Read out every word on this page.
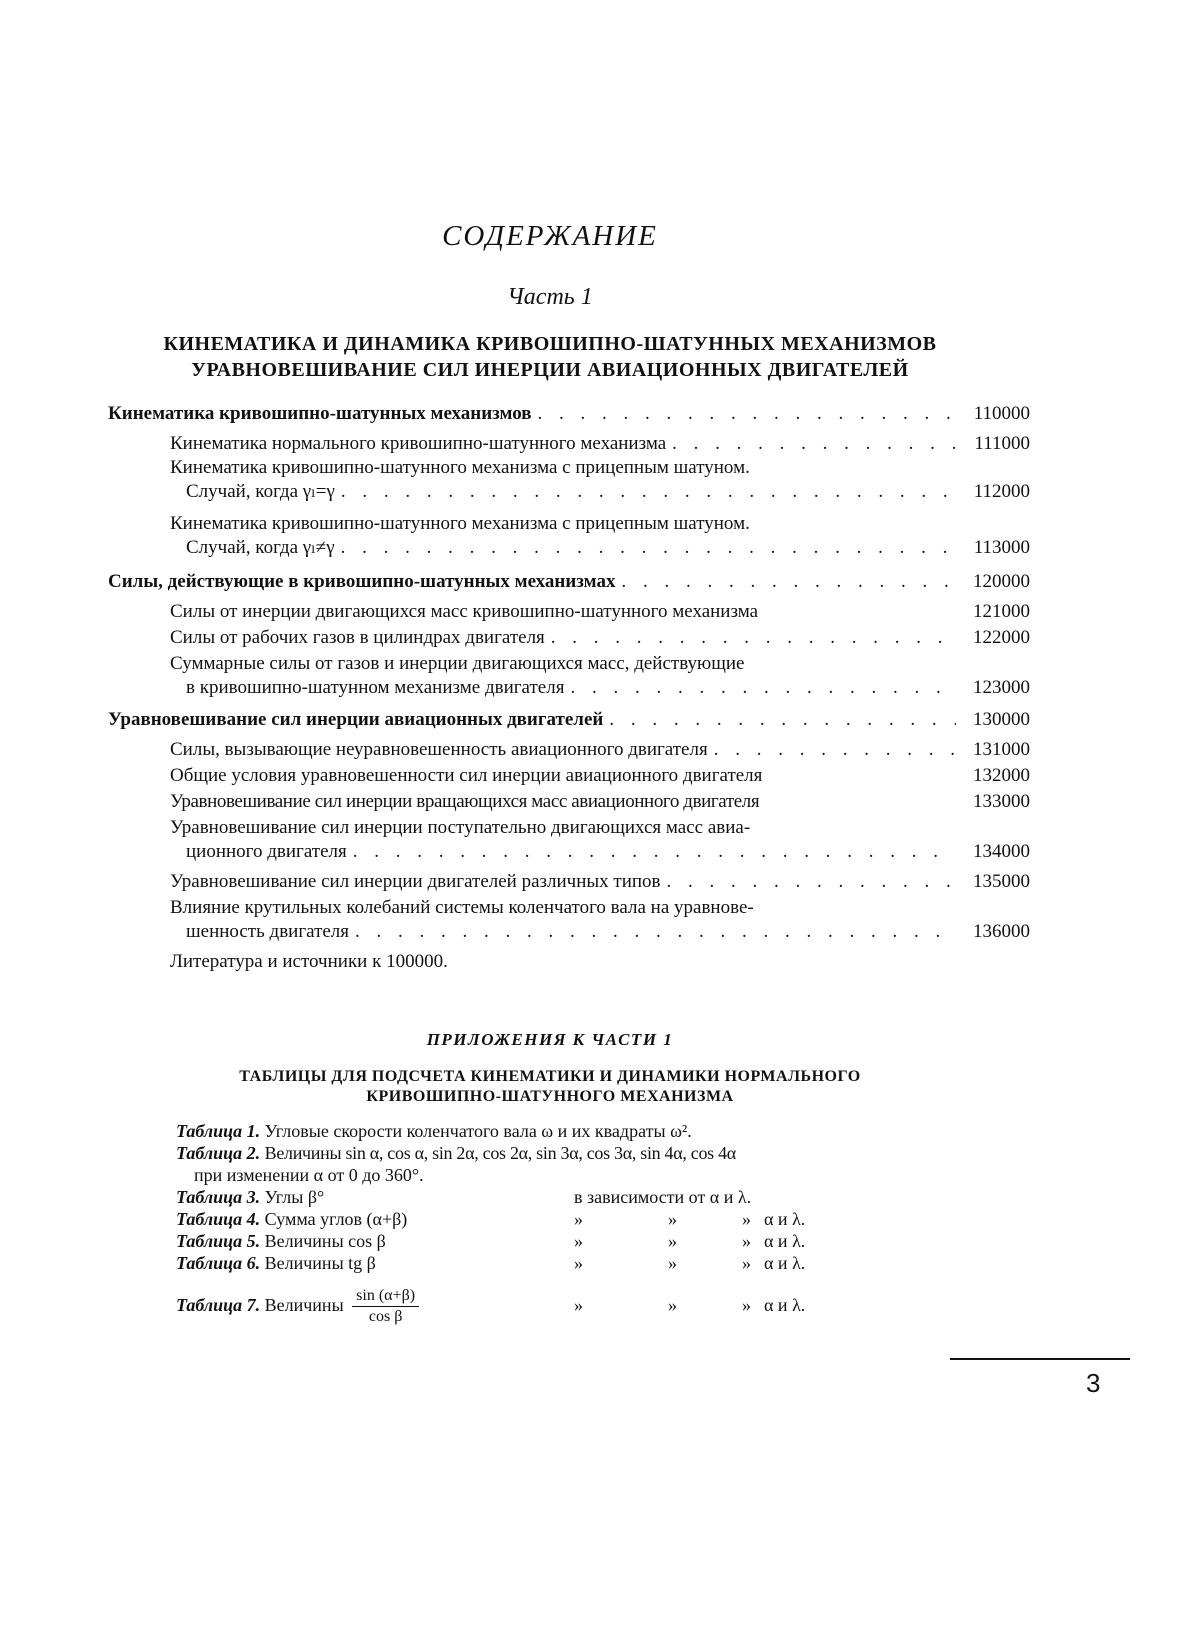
СОДЕРЖАНИЕ
Часть 1
КИНЕМАТИКА И ДИНАМИКА КРИВОШИПНО-ШАТУННЫХ МЕХАНИЗМОВ
УРАВНОВЕШИВАНИЕ СИЛ ИНЕРЦИИ АВИАЦИОННЫХ ДВИГАТЕЛЕЙ
Кинематика кривошипно-шатунных механизмов . . .	110000
Кинематика нормального кривошипно-шатунного механизма . . .	111000
Кинематика кривошипно-шатунного механизма с прицепным шатуном.
Случай, когда γₗ=γ . . .	112000
Кинематика кривошипно-шатунного механизма с прицепным шатуном.
Случай, когда γₗ≠γ . . .	113000
Силы, действующие в кривошипно-шатунных механизмах . . .	120000
Силы от инерции двигающихся масс кривошипно-шатунного механизма	121000
Силы от рабочих газов в цилиндрах двигателя . . .	122000
Суммарные силы от газов и инерции двигающихся масс, действующие
в кривошипно-шатунном механизме двигателя . . .	123000
Уравновешивание сил инерции авиационных двигателей . . .	130000
Силы, вызывающие неуравновешенность авиационного двигателя . . .	131000
Общие условия уравновешенности сил инерции авиационного двигателя	132000
Уравновешивание сил инерции вращающихся масс авиационного двигателя	133000
Уравновешивание сил инерции поступательно двигающихся масс авиа-
ционного двигателя . . .	134000
Уравновешивание сил инерции двигателей различных типов . . .	135000
Влияние крутильных колебаний системы коленчатого вала на уравнове-
шенность двигателя . . .	136000
Литература и источники к 100000.
ПРИЛОЖЕНИЯ К ЧАСТИ 1
ТАБЛИЦЫ ДЛЯ ПОДСЧЕТА КИНЕМАТИКИ И ДИНАМИКИ НОРМАЛЬНОГО
КРИВОШИПНО-ШАТУННОГО МЕХАНИЗМА
Таблица 1. Угловые скорости коленчатого вала ω и их квадраты ω².
Таблица 2. Величины sin α, cos α, sin 2α, cos 2α, sin 3α, cos 3α, sin 4α, cos 4α
при изменении α от 0 до 360°.
Таблица 3. Углы β°	в зависимости от α и λ.
Таблица 4. Сумма углов (α+β)	»	»	» α и λ.
Таблица 5. Величины cos β	»	»	» α и λ.
Таблица 6. Величины tg β	»	»	» α и λ.
Таблица 7. Величины $\frac{\sin (\alpha+\beta)}{\text{cos β}}$	»	»	» α и λ.
3
